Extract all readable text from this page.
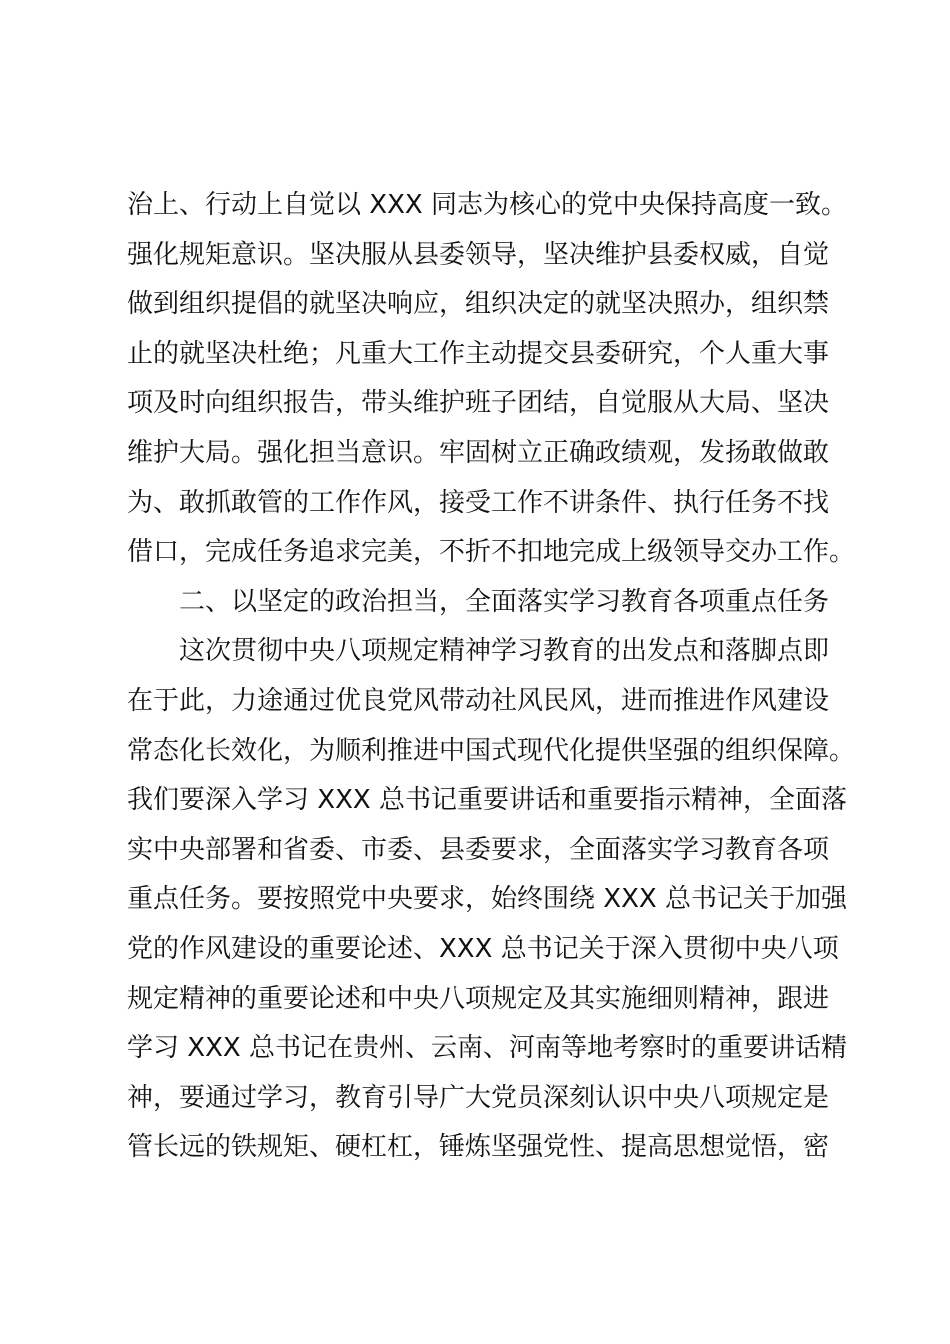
治上、行动上自觉以 XXX 同志为核心的党中央保持高度一致。

强化规矩意识。坚决服从县委领导，坚决维护县委权威，自觉

做到组织提倡的就坚决响应，组织决定的就坚决照办，组织禁

止的就坚决杜绝；凡重大工作主动提交县委研究，个人重大事

项及时向组织报告，带头维护班子团结，自觉服从大局、坚决

维护大局。强化担当意识。牢固树立正确政绩观，发扬敢做敢

为、敢抓敢管的工作作风，接受工作不讲条件、执行任务不找

借口，完成任务追求完美，不折不扣地完成上级领导交办工作。

二、以坚定的政治担当，全面落实学习教育各项重点任务

这次贯彻中央八项规定精神学习教育的出发点和落脚点即

在于此，力途通过优良党风带动社风民风，进而推进作风建设

常态化长效化，为顺利推进中国式现代化提供坚强的组织保障。

我们要深入学习 XXX 总书记重要讲话和重要指示精神，全面落

实中央部署和省委、市委、县委要求，全面落实学习教育各项

重点任务。要按照党中央要求，始终围绕 XXX 总书记关于加强

党的作风建设的重要论述、XXX 总书记关于深入贯彻中央八项

规定精神的重要论述和中央八项规定及其实施细则精神，跟进

学习 XXX 总书记在贵州、云南、河南等地考察时的重要讲话精

神，要通过学习，教育引导广大党员深刻认识中央八项规定是

管长远的铁规矩、硬杠杠，锤炼坚强党性、提高思想觉悟，密
